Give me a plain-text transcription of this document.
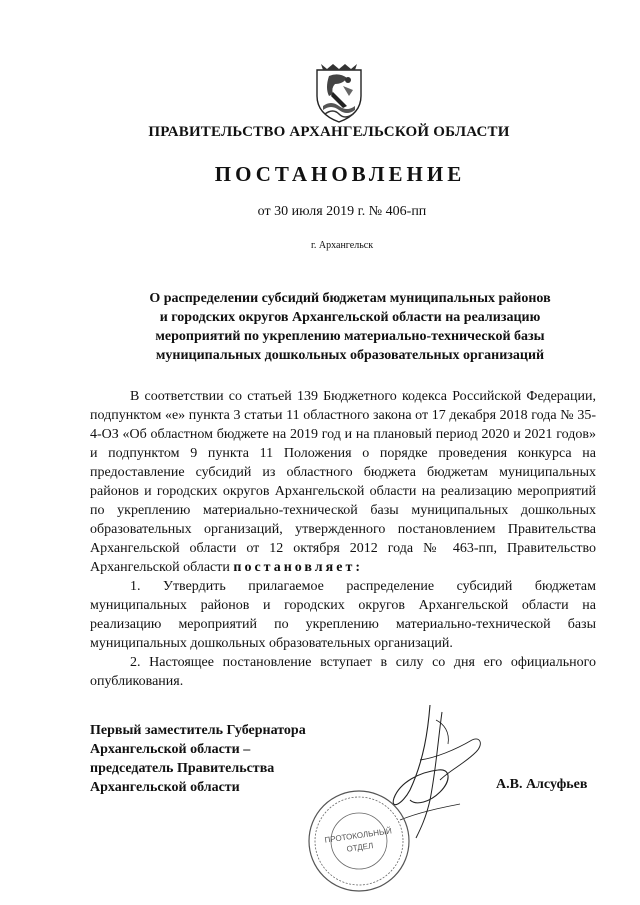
ПРАВИТЕЛЬСТВО АРХАНГЕЛЬСКОЙ ОБЛАСТИ
ПОСТАНОВЛЕНИЕ
от 30 июля 2019 г. № 406-пп
г. Архангельск
О распределении субсидий бюджетам муниципальных районов
и городских округов Архангельской области на реализацию
мероприятий по укреплению материально-технической базы
муниципальных дошкольных образовательных организаций

В соответствии со статьей 139 Бюджетного кодекса Российской Федерации, подпунктом «е» пункта 3 статьи 11 областного закона от 17 декабря 2018 года № 35-4-ОЗ «Об областном бюджете на 2019 год и на плановый период 2020 и 2021 годов» и подпунктом 9 пункта 11 Положения о порядке проведения конкурса на предоставление субсидий из областного бюджета бюджетам муниципальных районов и городских округов Архангельской области на реализацию мероприятий по укреплению материально-технической базы муниципальных дошкольных образовательных организаций, утвержденного постановлением Правительства Архангельской области от 12 октября 2012 года № 463-пп, Правительство Архангельской области постановляет:

1. Утвердить прилагаемое распределение субсидий бюджетам муниципальных районов и городских округов Архангельской области на реализацию мероприятий по укреплению материально-технической базы муниципальных дошкольных образовательных организаций.

2. Настоящее постановление вступает в силу со дня его официального опубликования.

Первый заместитель Губернатора
Архангельской области –
председатель Правительства
Архангельской области
ПРОТОКОЛЬНЫЙ
ОТДЕЛ
А.В. Алсуфьев
